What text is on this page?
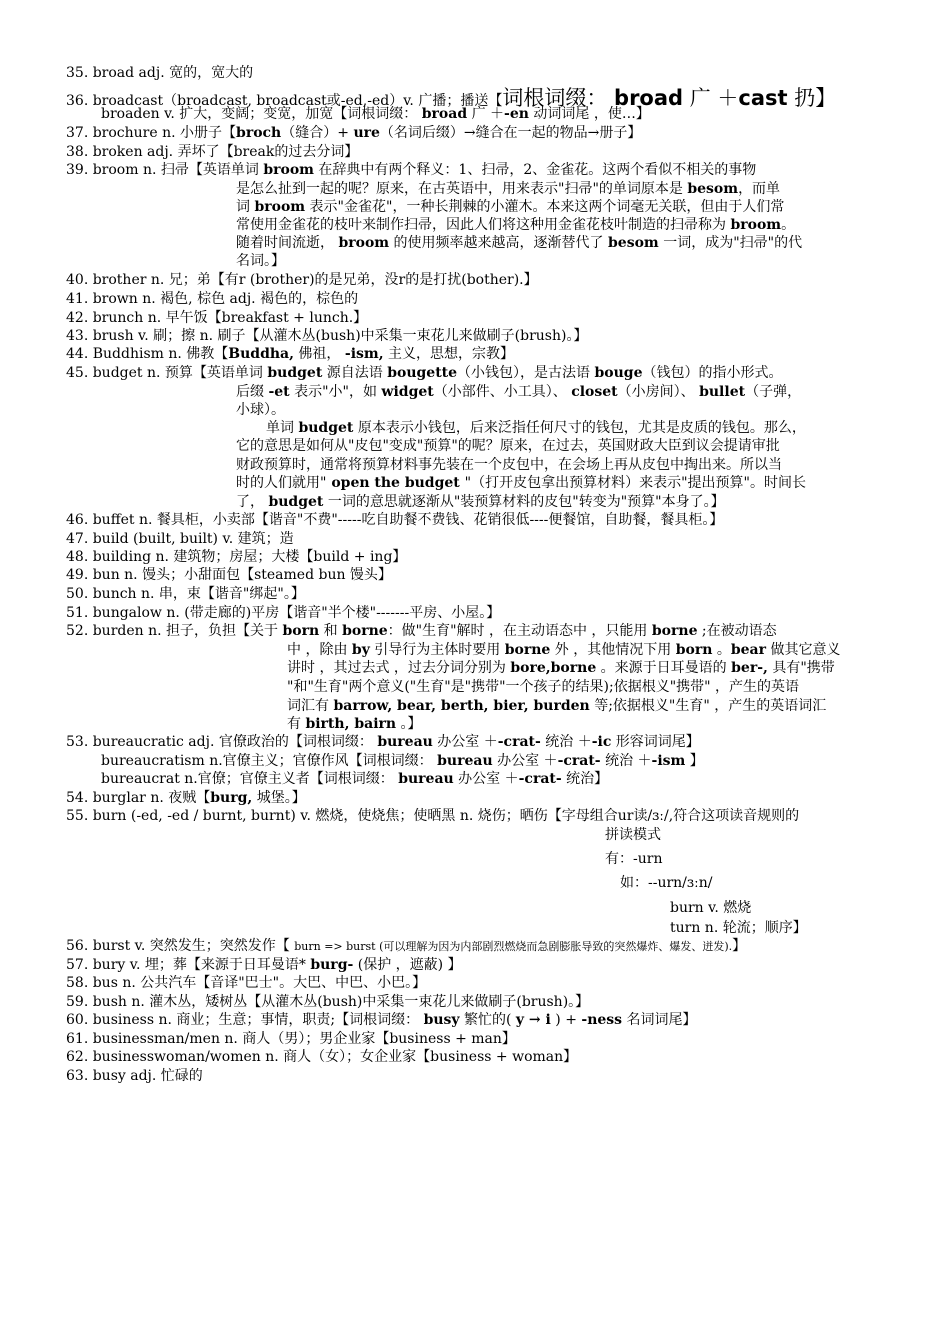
35. broad adj. 宽的，宽大的
36. broadcast（broadcast, broadcast或-ed,-ed）v. 广播；播送【词根词缀： broad 广 ＋cast 扔】
broaden v. 扩大，变阔；变宽，加宽【词根词缀： broad 广 ＋-en 动词词尾 ，使…】
37. brochure n. 小册子【broch（缝合）+ ure（名词后缀）→缝合在一起的物品→册子】
38. broken adj. 弄坏了【break的过去分词】
39. broom n. 扫帚【英语单词 broom 在辞典中有两个释义：1、扫帚，2、金雀花。这两个看似不相关的事物
是怎么扯到一起的呢？原来，在古英语中，用来表示"扫帚"的单词原本是 besom，而单
词 broom 表示"金雀花"，一种长荆棘的小灌木。本来这两个词毫无关联，但由于人们常
常使用金雀花的枝叶来制作扫帚，因此人们将这种用金雀花枝叶制造的扫帚称为 broom。
随着时间流逝， broom 的使用频率越来越高，逐渐替代了 besom 一词，成为"扫帚"的代
名词。】
40. brother n. 兄；弟【有r (brother)的是兄弟，没r的是打扰(bother).】
41. brown n. 褐色, 棕色 adj. 褐色的，棕色的
42. brunch n. 早午饭【breakfast + lunch.】
43. brush v. 刷；擦 n. 刷子【从灌木丛(bush)中采集一束花儿来做刷子(brush)。】
44. Buddhism n. 佛教【Buddha, 佛祖， -ism, 主义，思想，宗教】
45. budget n. 预算【英语单词 budget 源自法语 bougette（小钱包），是古法语 bouge（钱包）的指小形式。
后缀 -et 表示"小"，如 widget（小部件、小工具）、 closet（小房间）、 bullet（子弹，
小球）。
单词 budget 原本表示小钱包，后来泛指任何尺寸的钱包，尤其是皮质的钱包。那么，
它的意思是如何从"皮包"变成"预算"的呢？原来，在过去，英国财政大臣到议会提请审批
财政预算时，通常将预算材料事先装在一个皮包中，在会场上再从皮包中掏出来。所以当
时的人们就用" open the budget "（打开皮包拿出预算材料）来表示"提出预算"。时间长
了， budget 一词的意思就逐渐从"装预算材料的皮包"转变为"预算"本身了。】
46. buffet n. 餐具柜，小卖部【谐音"不费"-----吃自助餐不费钱、花销很低----便餐馆，自助餐，餐具柜。】
47. build (built, built) v. 建筑；造
48. building n. 建筑物；房屋；大楼【build + ing】
49. bun n. 馒头；小甜面包【steamed bun 馒头】
50. bunch n. 串，束【谐音"绑起"。】
51. bungalow n. (带走廊的)平房【谐音"半个楼"-------平房、小屋。】
52. burden n. 担子，负担【关于 born 和 borne：做"生育"解时 ，在主动语态中 ，只能用 borne ;在被动语态
中 ，除由 by 引导行为主体时要用 borne 外 ，其他情况下用 born 。bear 做其它意义
讲时 ，其过去式 ，过去分词分别为 bore,borne 。来源于日耳曼语的 ber-, 具有"携带
"和"生育"两个意义("生育"是"携带"一个孩子的结果);依据根义"携带" ，产生的英语
词汇有 barrow, bear, berth, bier, burden 等;依据根义"生育" ，产生的英语词汇
有 birth, bairn 。】
53. bureaucratic adj. 官僚政治的【词根词缀： bureau 办公室 ＋-crat- 统治 ＋-ic 形容词词尾】
bureaucratism n.官僚主义；官僚作风【词根词缀： bureau 办公室 ＋-crat- 统治 ＋-ism 】
bureaucrat n.官僚；官僚主义者【词根词缀： bureau 办公室 ＋-crat- 统治】
54. burglar n. 夜贼【burg, 城堡。】
55. burn (-ed, -ed / burnt, burnt) v. 燃烧，使烧焦；使晒黑 n. 烧伤；晒伤【字母组合ur读/ɜː/,符合这项读音规则的
拼读模式
有：-urn
如：--urn/ɜːn/
burn v. 燃烧
turn n. 轮流；顺序】
56. burst v. 突然发生；突然发作【 burn => burst (可以理解为因为内部剧烈燃烧而急剧膨胀导致的突然爆炸、爆发、迸发).】
57. bury v. 埋；葬【来源于日耳曼语* burg- (保护 ，遮蔽) 】
58. bus n. 公共汽车【音译"巴士"。大巴、中巴、小巴。】
59. bush n. 灌木丛，矮树丛【从灌木丛(bush)中采集一束花儿来做刷子(brush)。】
60. business n. 商业；生意；事情，职责;【词根词缀： busy 繁忙的( y → i ) + -ness 名词词尾】
61. businessman/men n. 商人（男）；男企业家【business + man】
62. businesswoman/women n. 商人（女）；女企业家【business + woman】
63. busy adj. 忙碌的
